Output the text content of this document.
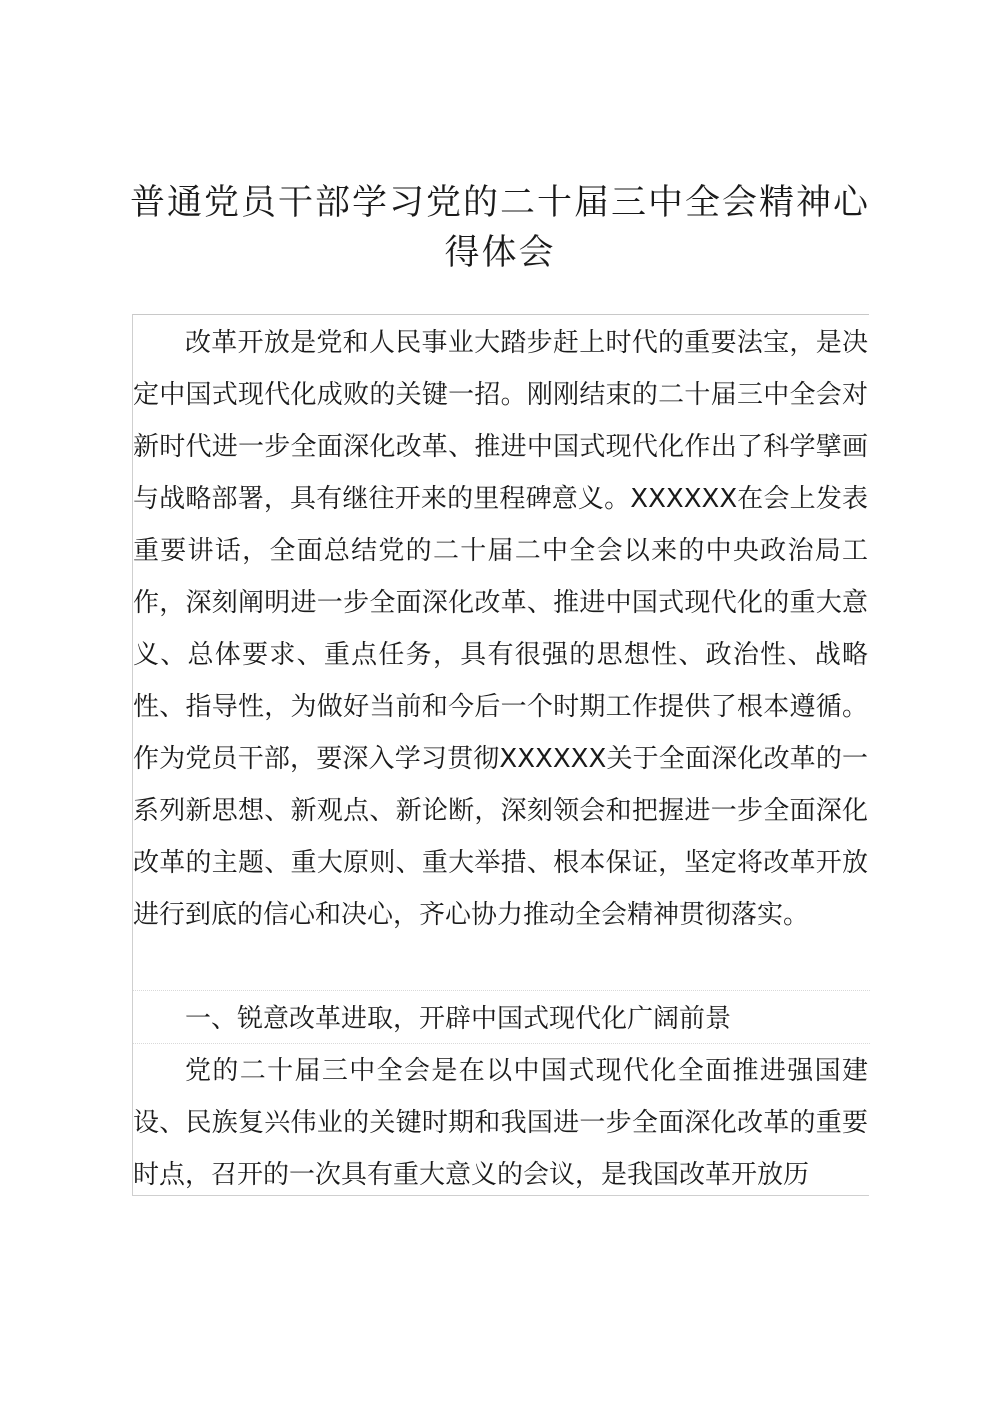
普通党员干部学习党的二十届三中全会精神心得体会

改革开放是党和人民事业大踏步赶上时代的重要法宝，是决定中国式现代化成败的关键一招。刚刚结束的二十届三中全会对新时代进一步全面深化改革、推进中国式现代化作出了科学擘画与战略部署，具有继往开来的里程碑意义。XXXXXX在会上发表重要讲话，全面总结党的二十届二中全会以来的中央政治局工作，深刻阐明进一步全面深化改革、推进中国式现代化的重大意义、总体要求、重点任务，具有很强的思想性、政治性、战略性、指导性，为做好当前和今后一个时期工作提供了根本遵循。作为党员干部，要深入学习贯彻XXXXXX关于全面深化改革的一系列新思想、新观点、新论断，深刻领会和把握进一步全面深化改革的主题、重大原则、重大举措、根本保证，坚定将改革开放进行到底的信心和决心，齐心协力推动全会精神贯彻落实。

一、锐意改革进取，开辟中国式现代化广阔前景

党的二十届三中全会是在以中国式现代化全面推进强国建设、民族复兴伟业的关键时期和我国进一步全面深化改革的重要时点，召开的一次具有重大意义的会议，是我国改革开放历
